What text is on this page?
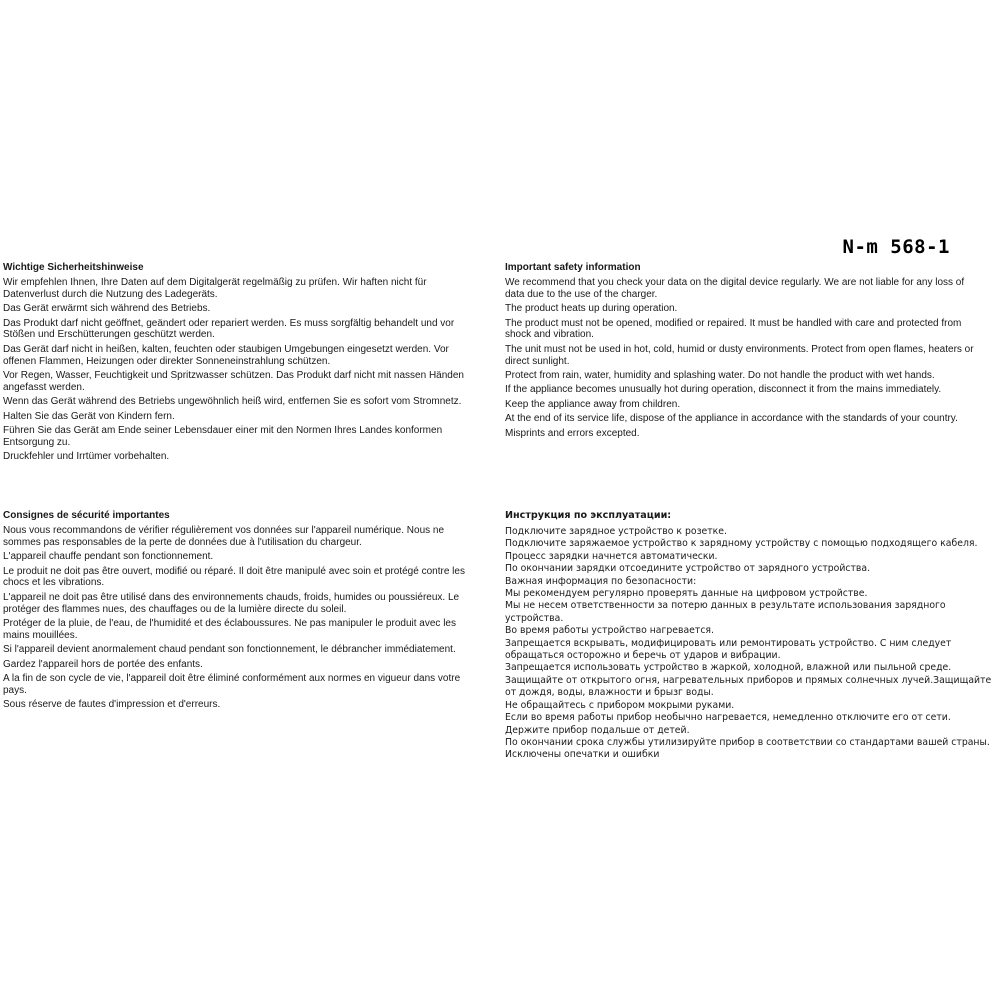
N-m 568-1
Wichtige Sicherheitshinweise

Wir empfehlen Ihnen, Ihre Daten auf dem Digitalgerät regelmäßig zu prüfen. Wir haften nicht für Datenverlust durch die Nutzung des Ladegeräts.

Das Gerät erwärmt sich während des Betriebs.

Das Produkt darf nicht geöffnet, geändert oder repariert werden. Es muss sorgfältig behandelt und vor Stößen und Erschütterungen geschützt werden.

Das Gerät darf nicht in heißen, kalten, feuchten oder staubigen Umgebungen eingesetzt werden. Vor offenen Flammen, Heizungen oder direkter Sonneneinstrahlung schützen.

Vor Regen, Wasser, Feuchtigkeit und Spritzwasser schützen. Das Produkt darf nicht mit nassen Händen angefasst werden.

Wenn das Gerät während des Betriebs ungewöhnlich heiß wird, entfernen Sie es sofort vom Stromnetz.

Halten Sie das Gerät von Kindern fern.

Führen Sie das Gerät am Ende seiner Lebensdauer einer mit den Normen Ihres Landes konformen Entsorgung zu.

Druckfehler und Irrtümer vorbehalten.

Consignes de sécurité importantes

Nous vous recommandons de vérifier régulièrement vos données sur l'appareil numérique. Nous ne sommes pas responsables de la perte de données due à l'utilisation du chargeur.

L'appareil chauffe pendant son fonctionnement.

Le produit ne doit pas être ouvert, modifié ou réparé. Il doit être manipulé avec soin et protégé contre les chocs et les vibrations.

L'appareil ne doit pas être utilisé dans des environnements chauds, froids, humides ou poussiéreux. Le protéger des flammes nues, des chauffages ou de la lumière directe du soleil.

Protéger de la pluie, de l'eau, de l'humidité et des éclaboussures. Ne pas manipuler le produit avec les mains mouillées.

Si l'appareil devient anormalement chaud pendant son fonctionnement, le débrancher immédiatement.

Gardez l'appareil hors de portée des enfants.

A la fin de son cycle de vie, l'appareil doit être éliminé conformément aux normes en vigueur dans votre pays.

Sous réserve de fautes d'impression et d'erreurs.

Important safety information

We recommend that you check your data on the digital device regularly. We are not liable for any loss of data due to the use of the charger.

The product heats up during operation.

The product must not be opened, modified or repaired. It must be handled with care and protected from shock and vibration.

The unit must not be used in hot, cold, humid or dusty environments. Protect from open flames, heaters or direct sunlight.

Protect from rain, water, humidity and splashing water. Do not handle the product with wet hands.

If the appliance becomes unusually hot during operation, disconnect it from the mains immediately.

Keep the appliance away from children.

At the end of its service life, dispose of the appliance in accordance with the standards of your country.

Misprints and errors excepted.

Инструкция по эксплуатации:

Подключите зарядное устройство к розетке.

Подключите заряжаемое устройство к зарядному устройству с помощью подходящего кабеля.

Процесс зарядки начнется автоматически.

По окончании зарядки отсоедините устройство от зарядного устройства.

Важная информация по безопасности:

Мы рекомендуем регулярно проверять данные на цифровом устройстве.

Мы не несем ответственности за потерю данных в результате использования зарядного устройства.

Во время работы устройство нагревается.

Запрещается вскрывать, модифицировать или ремонтировать устройство. С ним следует обращаться осторожно и беречь от ударов и вибрации.

Запрещается использовать устройство в жаркой, холодной, влажной или пыльной среде.

Защищайте от открытого огня, нагревательных приборов и прямых солнечных лучей.Защищайте от дождя, воды, влажности и брызг воды.

Не обращайтесь с прибором мокрыми руками.

Если во время работы прибор необычно нагревается, немедленно отключите его от сети.

Держите прибор подальше от детей.

По окончании срока службы утилизируйте прибор в соответствии со стандартами вашей страны.

Исключены опечатки и ошибки
